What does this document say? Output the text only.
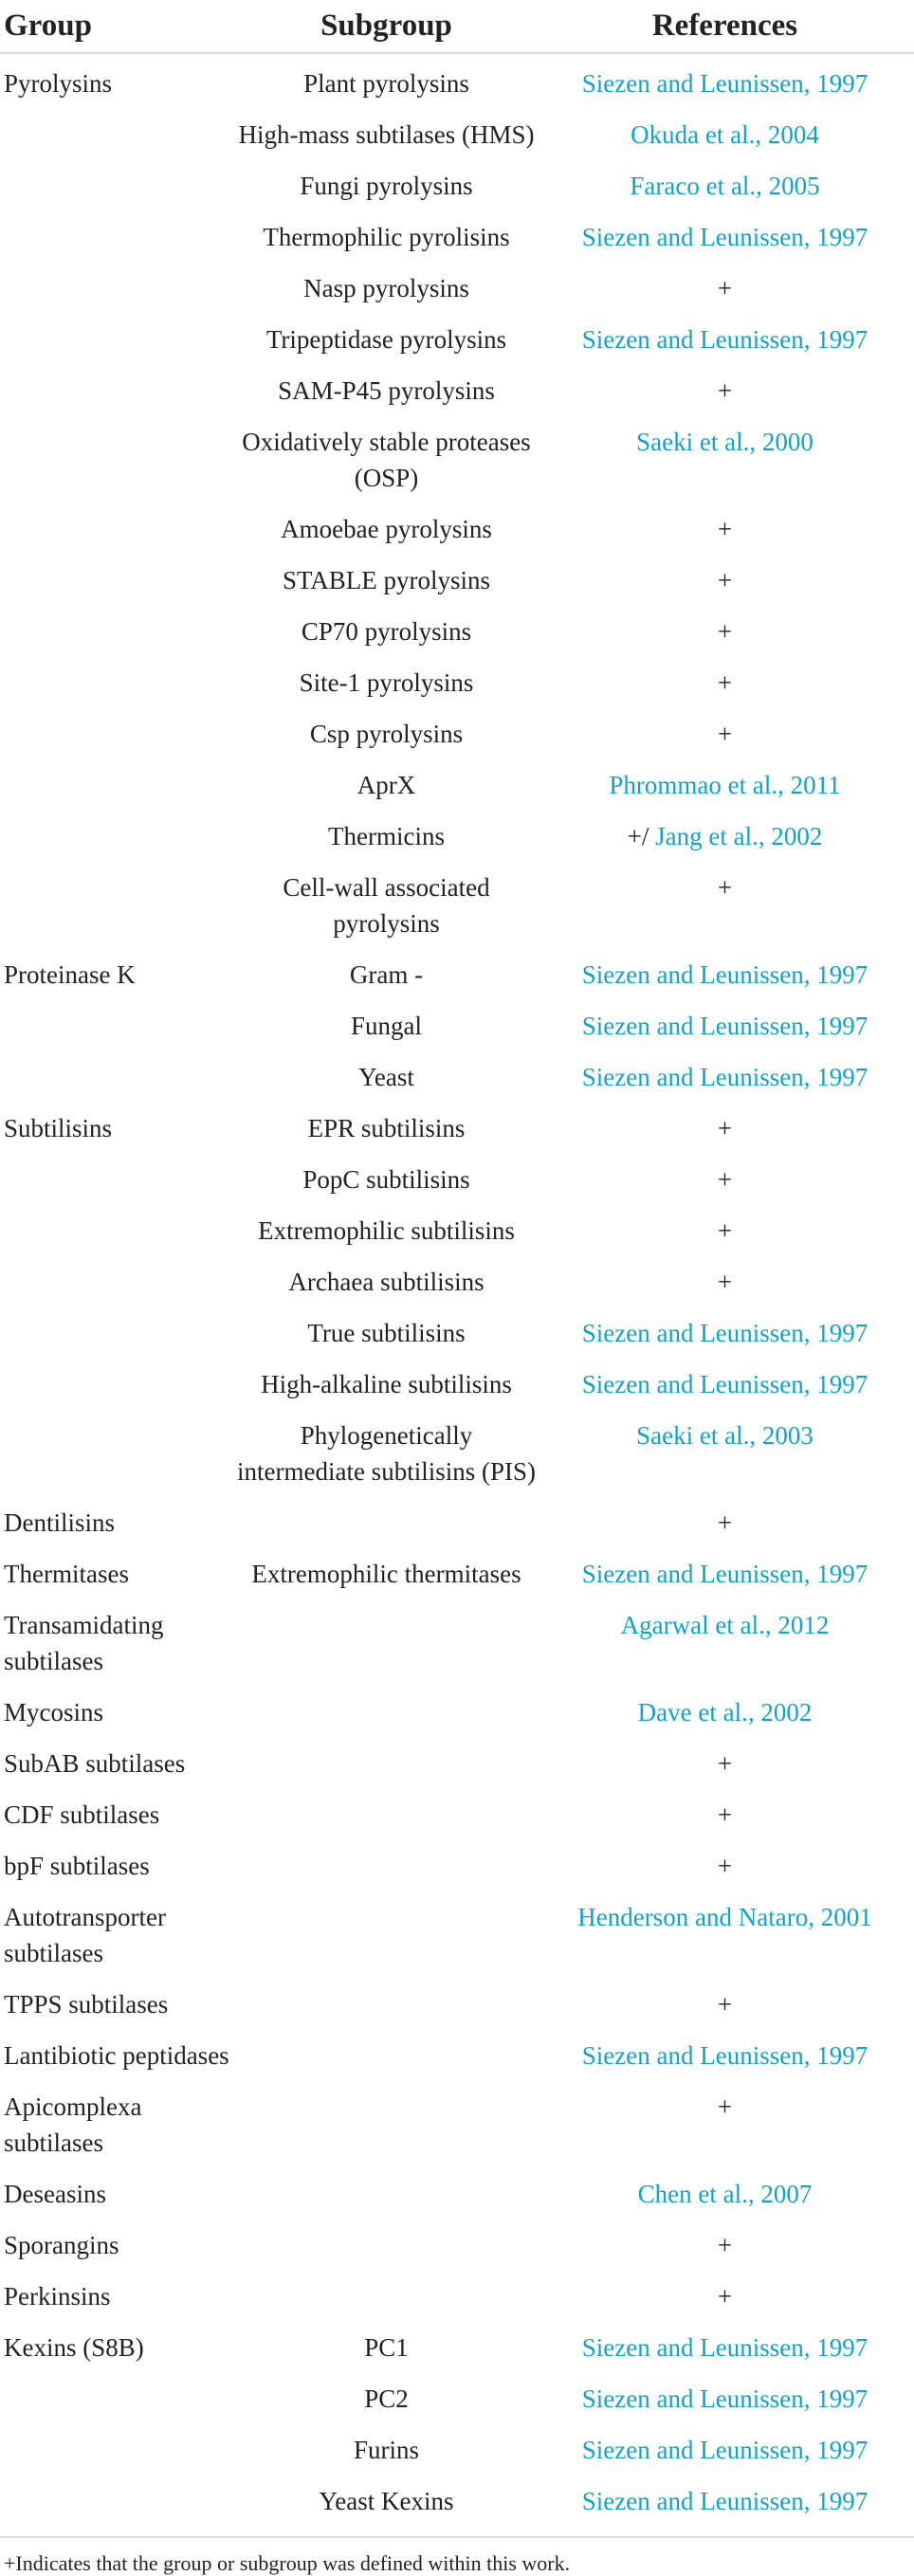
Group	Subgroup	References
Pyrolysins	Plant pyrolysins	Siezen and Leunissen, 1997
	High-mass subtilases (HMS)	Okuda et al., 2004
	Fungi pyrolysins	Faraco et al., 2005
	Thermophilic pyrolisins	Siezen and Leunissen, 1997
	Nasp pyrolysins	+
	Tripeptidase pyrolysins	Siezen and Leunissen, 1997
	SAM-P45 pyrolysins	+
	Oxidatively stable proteases (OSP)	Saeki et al., 2000
	Amoebae pyrolysins	+
	STABLE pyrolysins	+
	CP70 pyrolysins	+
	Site-1 pyrolysins	+
	Csp pyrolysins	+
	AprX	Phrommao et al., 2011
	Thermicins	+/ Jang et al., 2002
	Cell-wall associated pyrolysins	+
Proteinase K	Gram -	Siezen and Leunissen, 1997
	Fungal	Siezen and Leunissen, 1997
	Yeast	Siezen and Leunissen, 1997
Subtilisins	EPR subtilisins	+
	PopC subtilisins	+
	Extremophilic subtilisins	+
	Archaea subtilisins	+
	True subtilisins	Siezen and Leunissen, 1997
	High-alkaline subtilisins	Siezen and Leunissen, 1997
	Phylogenetically intermediate subtilisins (PIS)	Saeki et al., 2003
Dentilisins		+
Thermitases	Extremophilic thermitases	Siezen and Leunissen, 1997
Transamidating subtilases		Agarwal et al., 2012
Mycosins		Dave et al., 2002
SubAB subtilases		+
CDF subtilases		+
bpF subtilases		+
Autotransporter subtilases		Henderson and Nataro, 2001
TPPS subtilases		+
Lantibiotic peptidases		Siezen and Leunissen, 1997
Apicomplexa subtilases		+
Deseasins		Chen et al., 2007
Sporangins		+
Perkinsins		+
Kexins (S8B)	PC1	Siezen and Leunissen, 1997
	PC2	Siezen and Leunissen, 1997
	Furins	Siezen and Leunissen, 1997
	Yeast Kexins	Siezen and Leunissen, 1997
+Indicates that the group or subgroup was defined within this work.
